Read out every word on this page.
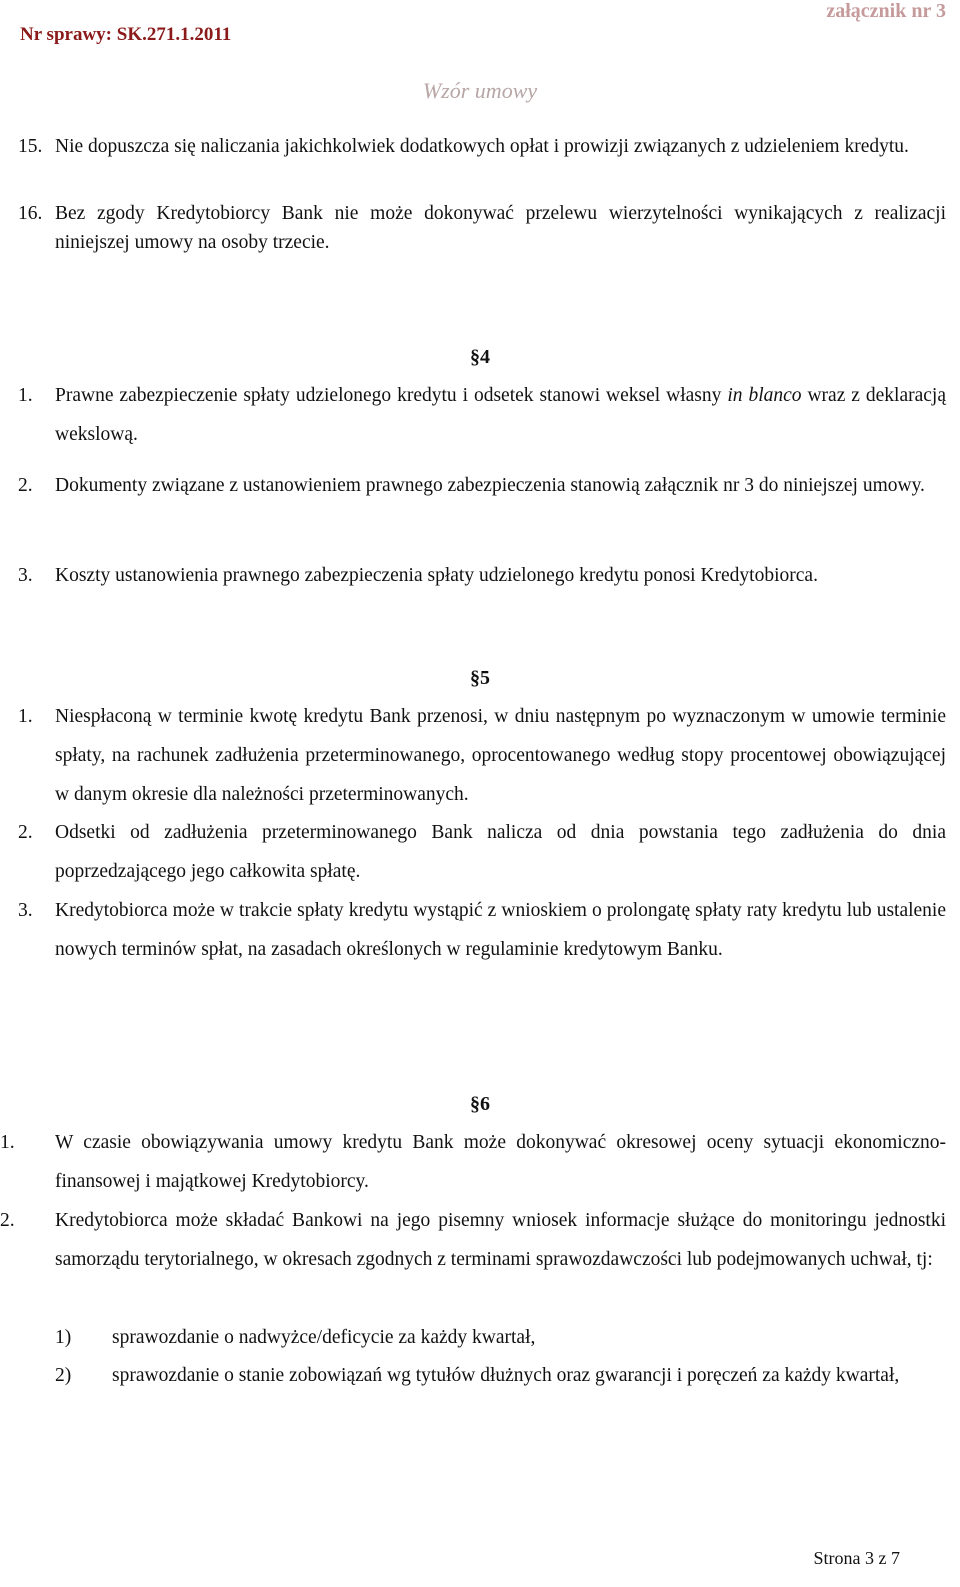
Nr sprawy: SK.271.1.2011
załącznik nr 3
Wzór umowy
15. Nie dopuszcza się naliczania jakichkolwiek dodatkowych opłat i prowizji związanych z udzieleniem kredytu.
16. Bez zgody Kredytobiorcy Bank nie może dokonywać przelewu wierzytelności wynikających z realizacji niniejszej umowy na osoby trzecie.
§4
1. Prawne zabezpieczenie spłaty udzielonego kredytu i odsetek stanowi weksel własny in blanco wraz z deklaracją wekslową.
2. Dokumenty związane z ustanowieniem prawnego zabezpieczenia stanowią załącznik nr 3 do niniejszej umowy.
3. Koszty ustanowienia prawnego zabezpieczenia spłaty udzielonego kredytu ponosi Kredytobiorca.
§5
1. Niespłaconą w terminie kwotę kredytu Bank przenosi, w dniu następnym po wyznaczonym w umowie terminie spłaty, na rachunek zadłużenia przeterminowanego, oprocentowanego według stopy procentowej obowiązującej w danym okresie dla należności przeterminowanych.
2. Odsetki od zadłużenia przeterminowanego Bank nalicza od dnia powstania tego zadłużenia do dnia poprzedzającego jego całkowita spłatę.
3. Kredytobiorca może w trakcie spłaty kredytu wystąpić z wnioskiem o prolongatę spłaty raty kredytu lub ustalenie nowych terminów spłat, na zasadach określonych w regulaminie kredytowym Banku.
§6
1. W czasie obowiązywania umowy kredytu Bank może dokonywać okresowej oceny sytuacji ekonomiczno-finansowej i majątkowej Kredytobiorcy.
2. Kredytobiorca może składać Bankowi na jego pisemny wniosek informacje służące do monitoringu jednostki samorządu terytorialnego, w okresach zgodnych z terminami sprawozdawczości lub podejmowanych uchwał, tj:
1) sprawozdanie o nadwyżce/deficycie za każdy kwartał,
2) sprawozdanie o stanie zobowiązań wg tytułów dłużnych oraz gwarancji i poręczeń za każdy kwartał,
Strona 3 z 7
